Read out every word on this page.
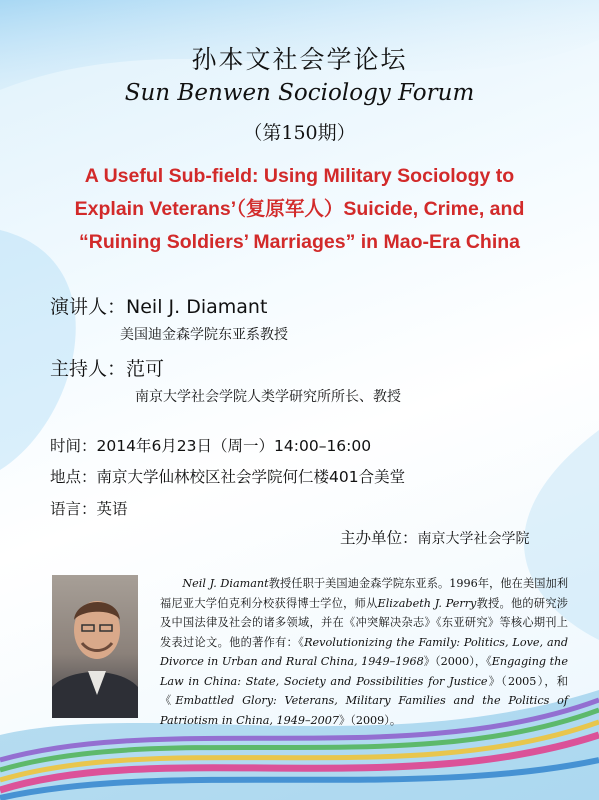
孙本文社会学论坛
Sun Benwen Sociology Forum
（第150期）
A Useful Sub-field: Using Military Sociology to
Explain Veterans’（复原军人）Suicide, Crime, and
“Ruining Soldiers’ Marriages” in Mao-Era China
演讲人：Neil J. Diamant
美国迪金森学院东亚系教授
主持人：范可
南京大学社会学院人类学研究所所长、教授
时间：2014年6月23日（周一）14:00–16:00
地点：南京大学仙林校区社会学院何仁楼401合美堂
语言：英语
主办单位：南京大学社会学院
Neil J. Diamant教授任职于美国迪金森学院东亚系。1996年，他在美国加利福尼亚大学伯克利分校获得博士学位，师从Elizabeth J. Perry教授。他的研究涉及中国法律及社会的诸多领域，并在《冲突解决杂志》《东亚研究》等核心期刊上发表过论文。他的著作有：《Revolutionizing the Family: Politics, Love, and Divorce in Urban and Rural China, 1949–1968》（2000），《Engaging the Law in China: State, Society and Possibilities for Justice》（2005），和《Embattled Glory: Veterans, Military Families and the Politics of Patriotism in China, 1949–2007》（2009）。
